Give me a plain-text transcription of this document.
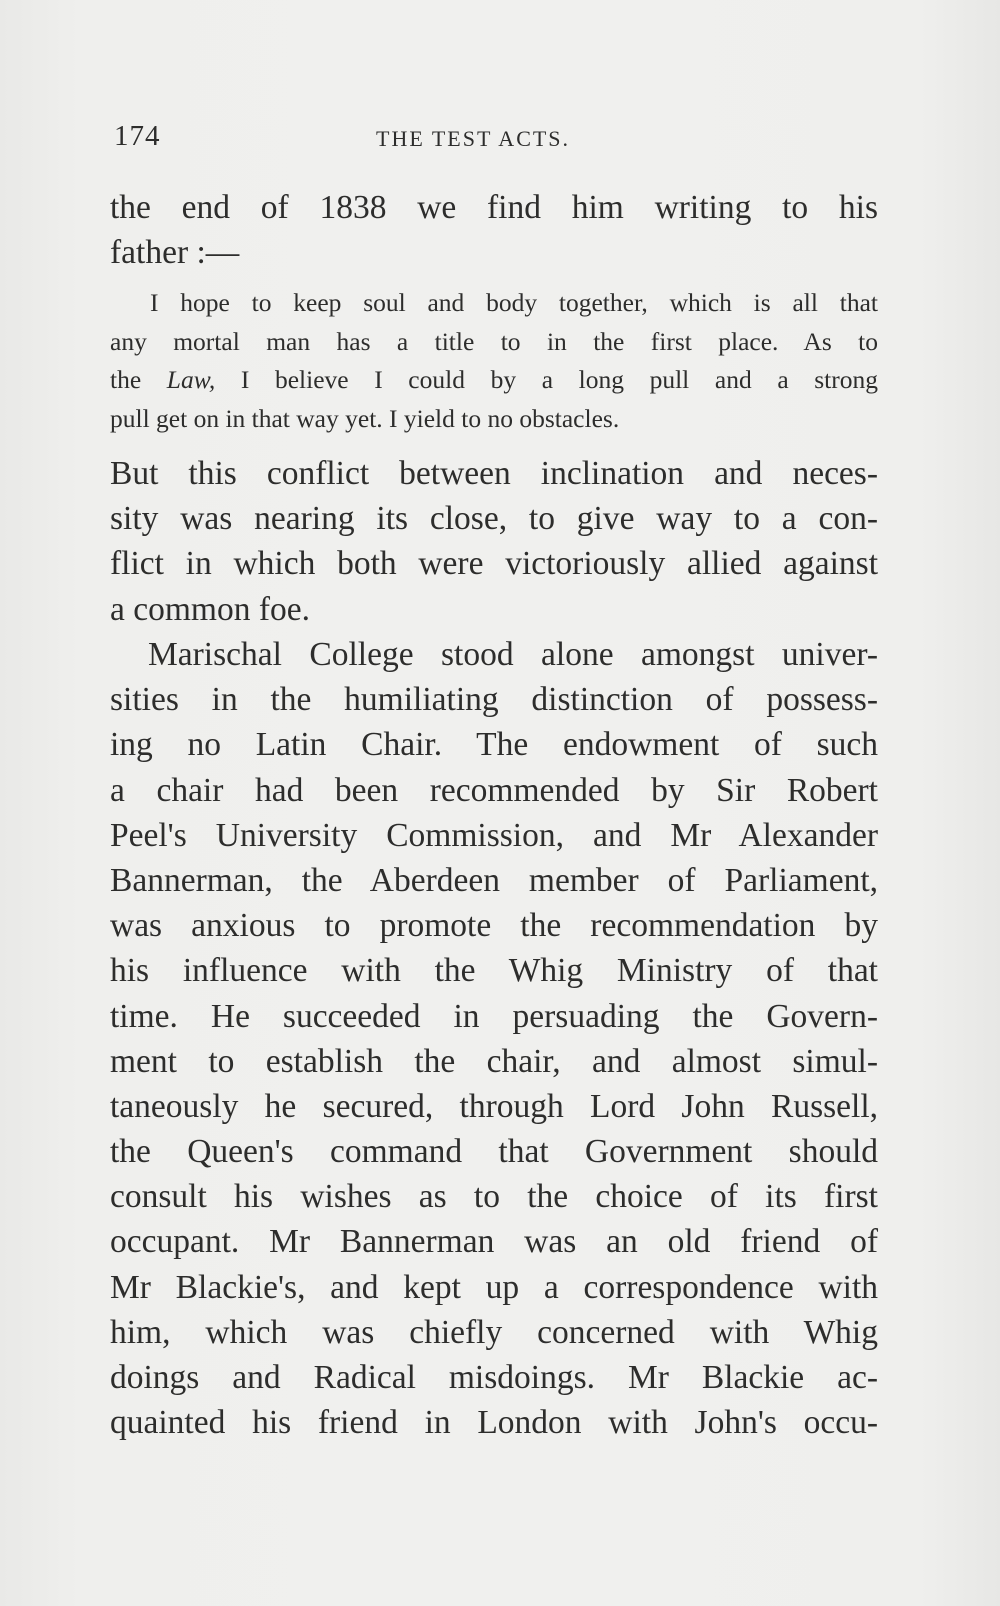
174	THE TEST ACTS.
the end of 1838 we find him writing to his
father :—
I hope to keep soul and body together, which is all that
any mortal man has a title to in the first place. As to
the Law, I believe I could by a long pull and a strong
pull get on in that way yet. I yield to no obstacles.
But this conflict between inclination and neces-
sity was nearing its close, to give way to a con-
flict in which both were victoriously allied against
a common foe.
Marischal College stood alone amongst univer-
sities in the humiliating distinction of possess-
ing no Latin Chair. The endowment of such
a chair had been recommended by Sir Robert
Peel's University Commission, and Mr Alexander
Bannerman, the Aberdeen member of Parliament,
was anxious to promote the recommendation by
his influence with the Whig Ministry of that
time. He succeeded in persuading the Govern-
ment to establish the chair, and almost simul-
taneously he secured, through Lord John Russell,
the Queen's command that Government should
consult his wishes as to the choice of its first
occupant. Mr Bannerman was an old friend of
Mr Blackie's, and kept up a correspondence with
him, which was chiefly concerned with Whig
doings and Radical misdoings. Mr Blackie ac-
quainted his friend in London with John's occu-
